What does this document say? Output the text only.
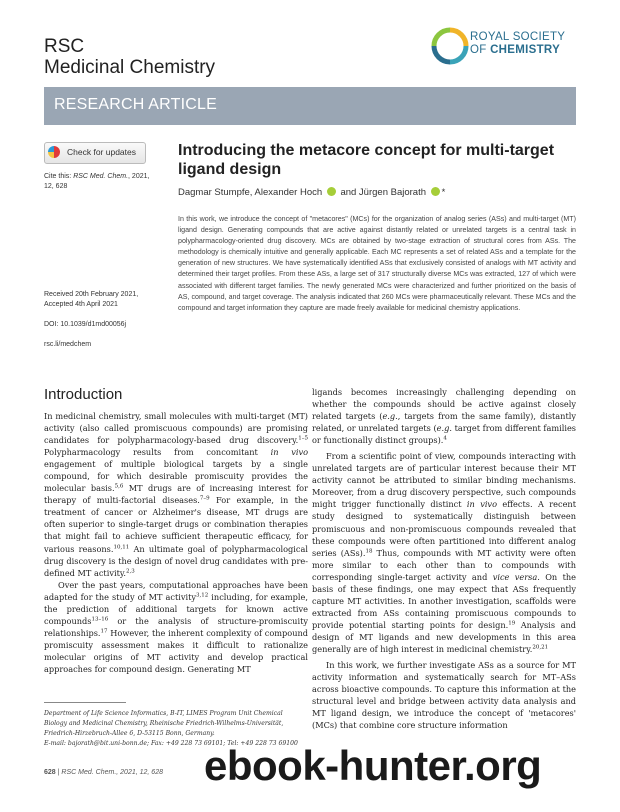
RSC
Medicinal Chemistry
ROYAL SOCIETY
OF CHEMISTRY
RESEARCH ARTICLE
Check for updates
Cite this: RSC Med. Chem., 2021, 12, 628
Received 20th February 2021,
Accepted 4th April 2021
DOI: 10.1039/d1md00056j
rsc.li/medchem
Introducing the metacore concept for multi-target ligand design
Dagmar Stumpfe, Alexander Hoch and Jürgen Bajorath *

In this work, we introduce the concept of "metacores" (MCs) for the organization of analog series (ASs) and multi-target (MT) ligand design. Generating compounds that are active against distantly related or unrelated targets is a central task in polypharmacology-oriented drug discovery. MCs are obtained by two-stage extraction of structural cores from ASs. The methodology is chemically intuitive and generally applicable. Each MC represents a set of related ASs and a template for the generation of new structures. We have systematically identified ASs that exclusively consisted of analogs with MT activity and determined their target profiles. From these ASs, a large set of 317 structurally diverse MCs was extracted, 127 of which were associated with different target families. The newly generated MCs were characterized and further prioritized on the basis of AS, compound, and target coverage. The analysis indicated that 260 MCs were pharmaceutically relevant. These MCs and the compound and target information they capture are made freely available for medicinal chemistry applications.

Introduction

In medicinal chemistry, small molecules with multi-target (MT) activity (also called promiscuous compounds) are promising candidates for polypharmacology-based drug discovery.$^{1-5}$ Polypharmacology results from concomitant in vivo engagement of multiple biological targets by a single compound, for which desirable promiscuity provides the molecular basis.$^{5,6}$ MT drugs are of increasing interest for therapy of multi-factorial diseases.$^{7-9}$ For example, in the treatment of cancer or Alzheimer's disease, MT drugs are often superior to single-target drugs or combination therapies that might fail to achieve sufficient therapeutic efficacy, for various reasons.$^{10,11}$ An ultimate goal of polypharmacological drug discovery is the design of novel drug candidates with pre-defined MT activity.$^{2,3}$

Over the past years, computational approaches have been adapted for the study of MT activity$^{3,12}$ including, for example, the prediction of additional targets for known active compounds$^{13-16}$ or the analysis of structure-promiscuity relationships.$^{17}$ However, the inherent complexity of compound promiscuity assessment makes it difficult to rationalize molecular origins of MT activity and develop practical approaches for compound design. Generating MT

ligands becomes increasingly challenging depending on whether the compounds should be active against closely related targets (e.g., targets from the same family), distantly related, or unrelated targets (e.g. target from different families or functionally distinct groups).$^4$

From a scientific point of view, compounds interacting with unrelated targets are of particular interest because their MT activity cannot be attributed to similar binding mechanisms. Moreover, from a drug discovery perspective, such compounds might trigger functionally distinct in vivo effects. A recent study designed to systematically distinguish between promiscuous and non-promiscuous compounds revealed that these compounds were often partitioned into different analog series (ASs).$^{18}$ Thus, compounds with MT activity were often more similar to each other than to compounds with corresponding single-target activity and vice versa. On the basis of these findings, one may expect that ASs frequently capture MT activities. In another investigation, scaffolds were extracted from ASs containing promiscuous compounds to provide potential starting points for design.$^{19}$ Analysis and design of MT ligands and new developments in this area generally are of high interest in medicinal chemistry.$^{20,21}$

In this work, we further investigate ASs as a source for MT activity information and systematically search for MT–ASs across bioactive compounds. To capture this information at the structural level and bridge between activity data analysis and MT ligand design, we introduce the concept of 'metacores' (MCs) that combine core structure information

Department of Life Science Informatics, B-IT, LIMES Program Unit Chemical
Biology and Medicinal Chemistry, Rheinische Friedrich-Wilhelms-Universität,
Friedrich-Hirzebruch-Allee 6, D-53115 Bonn, Germany.
E-mail: bajorath@bit.uni-bonn.de; Fax: +49 228 73 69101; Tel: +49 228 73 69100
628 | RSC Med. Chem., 2021, 12, 628 ebook-hunter.org
